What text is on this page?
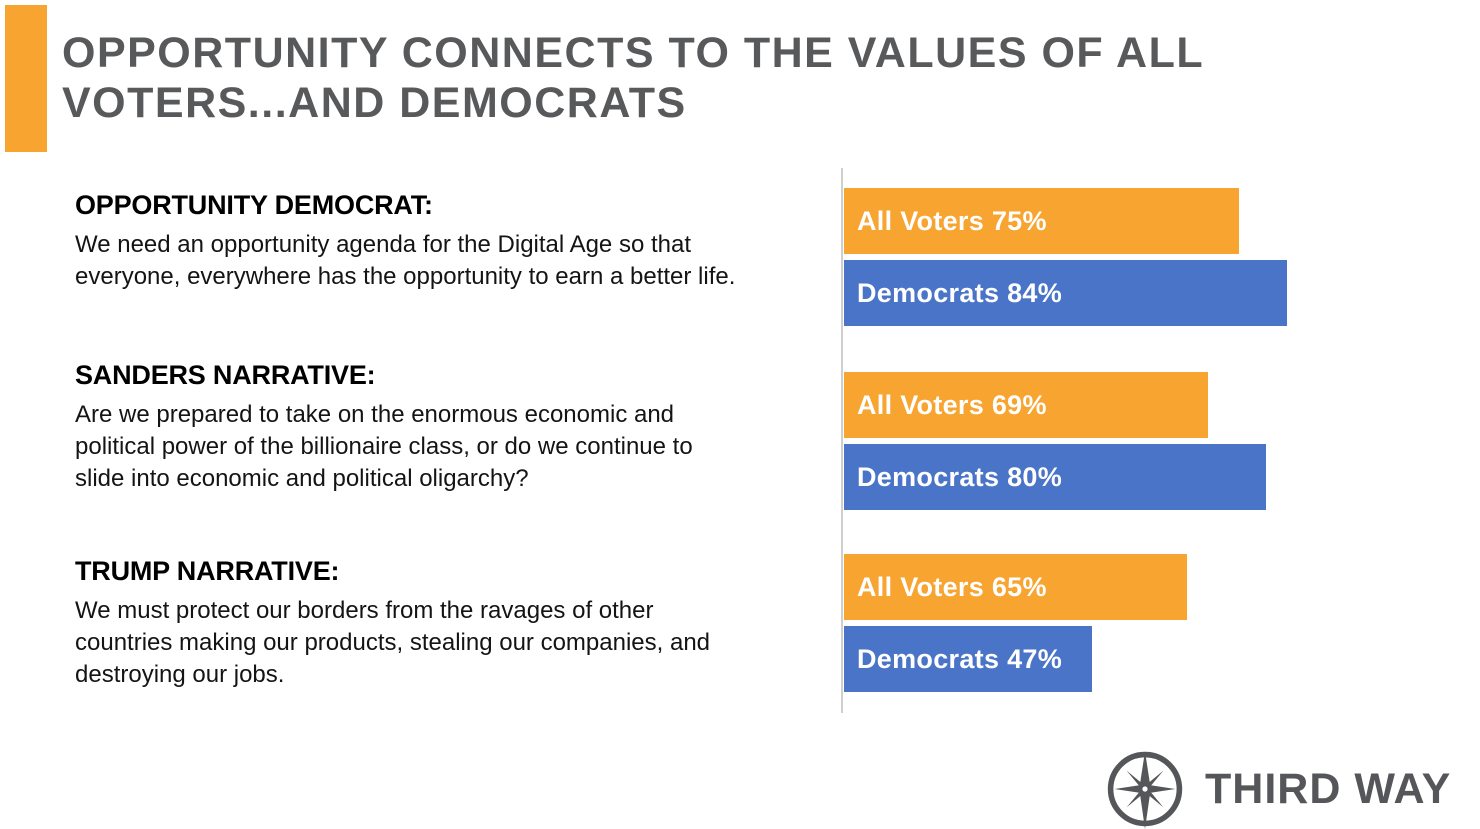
OPPORTUNITY CONNECTS TO THE VALUES OF ALL
VOTERS...AND DEMOCRATS
OPPORTUNITY DEMOCRAT:
We need an opportunity agenda for the Digital Age so that
everyone, everywhere has the opportunity to earn a better life.
SANDERS NARRATIVE:
Are we prepared to take on the enormous economic and
political power of the billionaire class, or do we continue to
slide into economic and political oligarchy?
TRUMP NARRATIVE:
We must protect our borders from the ravages of other
countries making our products, stealing our companies, and
destroying our jobs.
All Voters 75%
Democrats 84%
All Voters 69%
Democrats 80%
All Voters 65%
Democrats 47%
THIRD WAY
